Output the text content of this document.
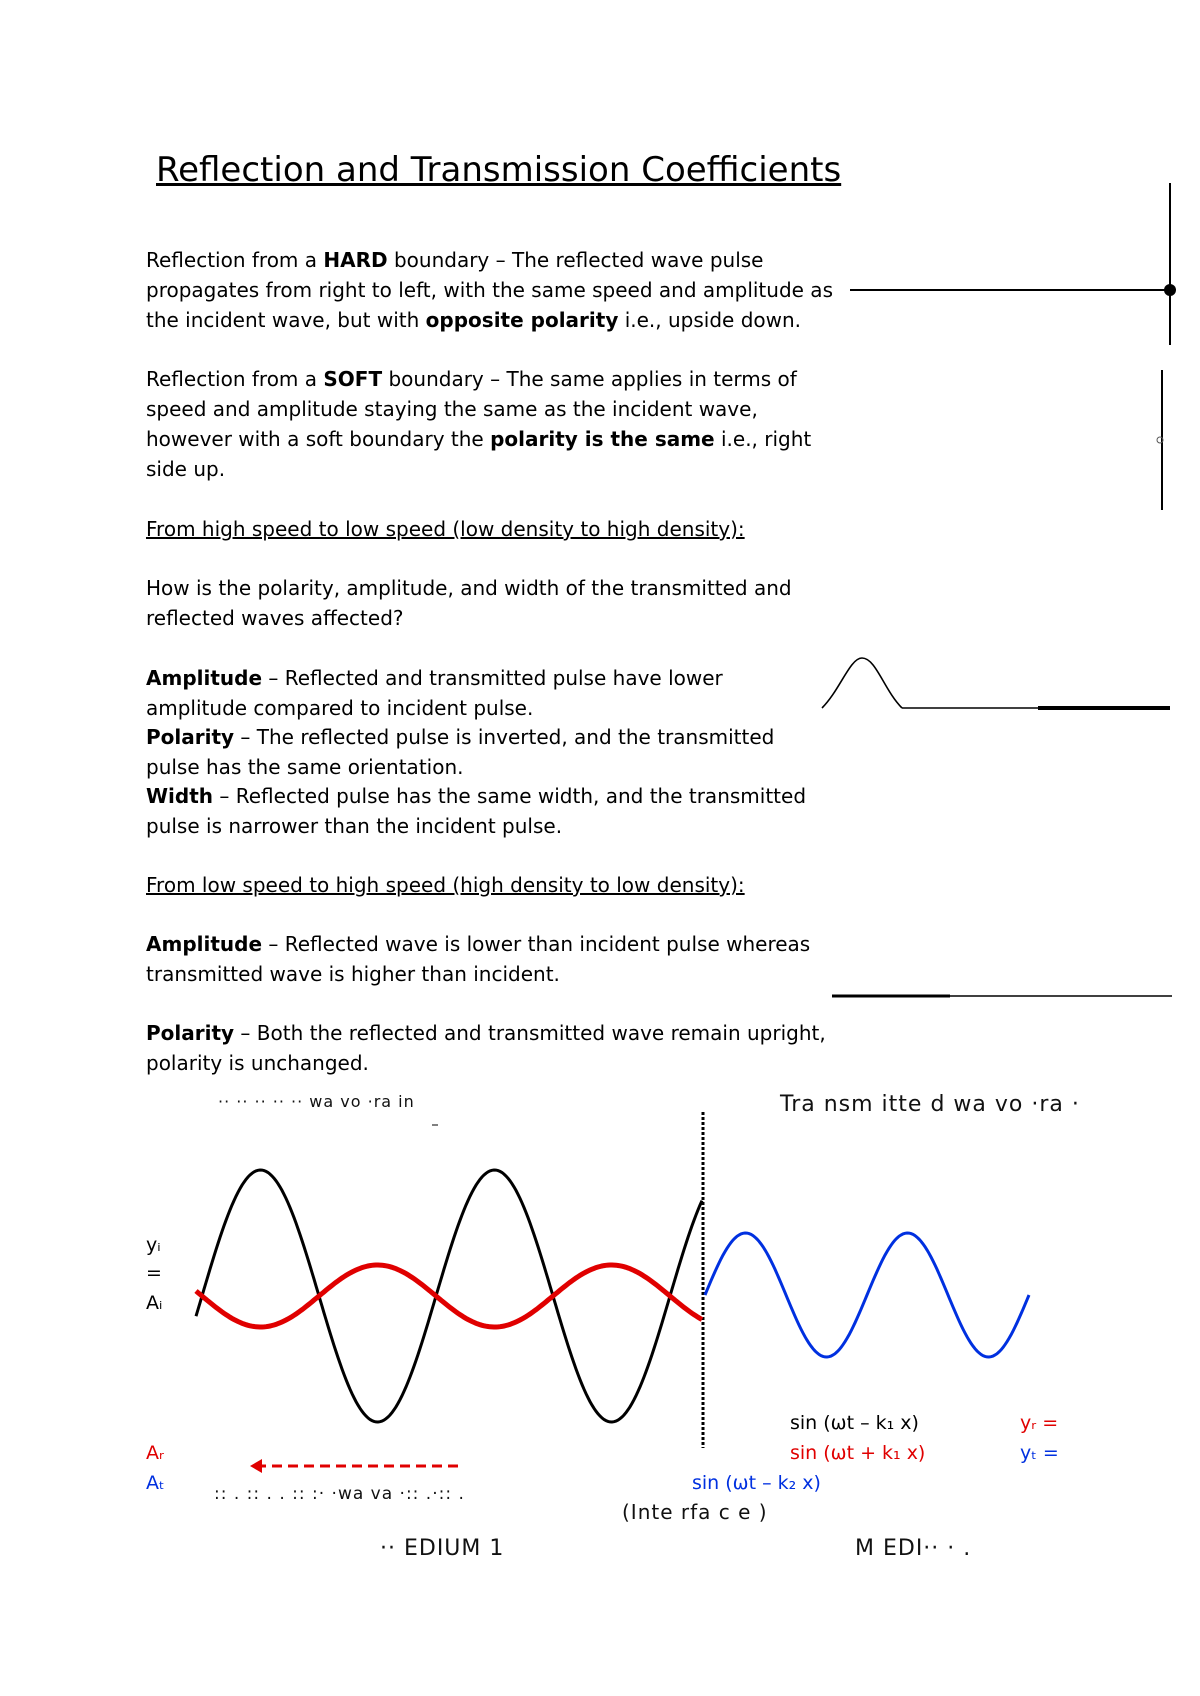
Reflection and Transmission Coefficients
Reflection from a HARD boundary – The reflected wave pulse propagates from right to left, with the same speed and amplitude as the incident wave, but with opposite polarity i.e., upside down.
Reflection from a SOFT boundary – The same applies in terms of speed and amplitude staying the same as the incident wave, however with a soft boundary the polarity is the same i.e., right side up.
From high speed to low speed (low density to high density):
How is the polarity, amplitude, and width of the transmitted and reflected waves affected?
Amplitude – Reflected and transmitted pulse have lower amplitude compared to incident pulse.
Polarity – The reflected pulse is inverted, and the transmitted pulse has the same orientation.
Width – Reflected pulse has the same width, and the transmitted pulse is narrower than the incident pulse.
From low speed to high speed (high density to low density):
Amplitude – Reflected wave is lower than incident pulse whereas transmitted wave is higher than incident.
Polarity – Both the reflected and transmitted wave remain upright, polarity is unchanged.
·· ·· ·· ·· ·· wa vo ·ra in	Tra nsm itte d wa vo ·ra ·
yᵢ
=
Aᵢ
Aᵣ
Aₜ
sin (ωt – k₁ x)
sin (ωt + k₁ x)
sin (ωt – k₂ x)
yᵣ =
yₜ =
:: . :: . . :: :· ·wa va ·:: .·:: .
(Inte rfa c e )
·· EDIUM 1	M EDI·· · .
